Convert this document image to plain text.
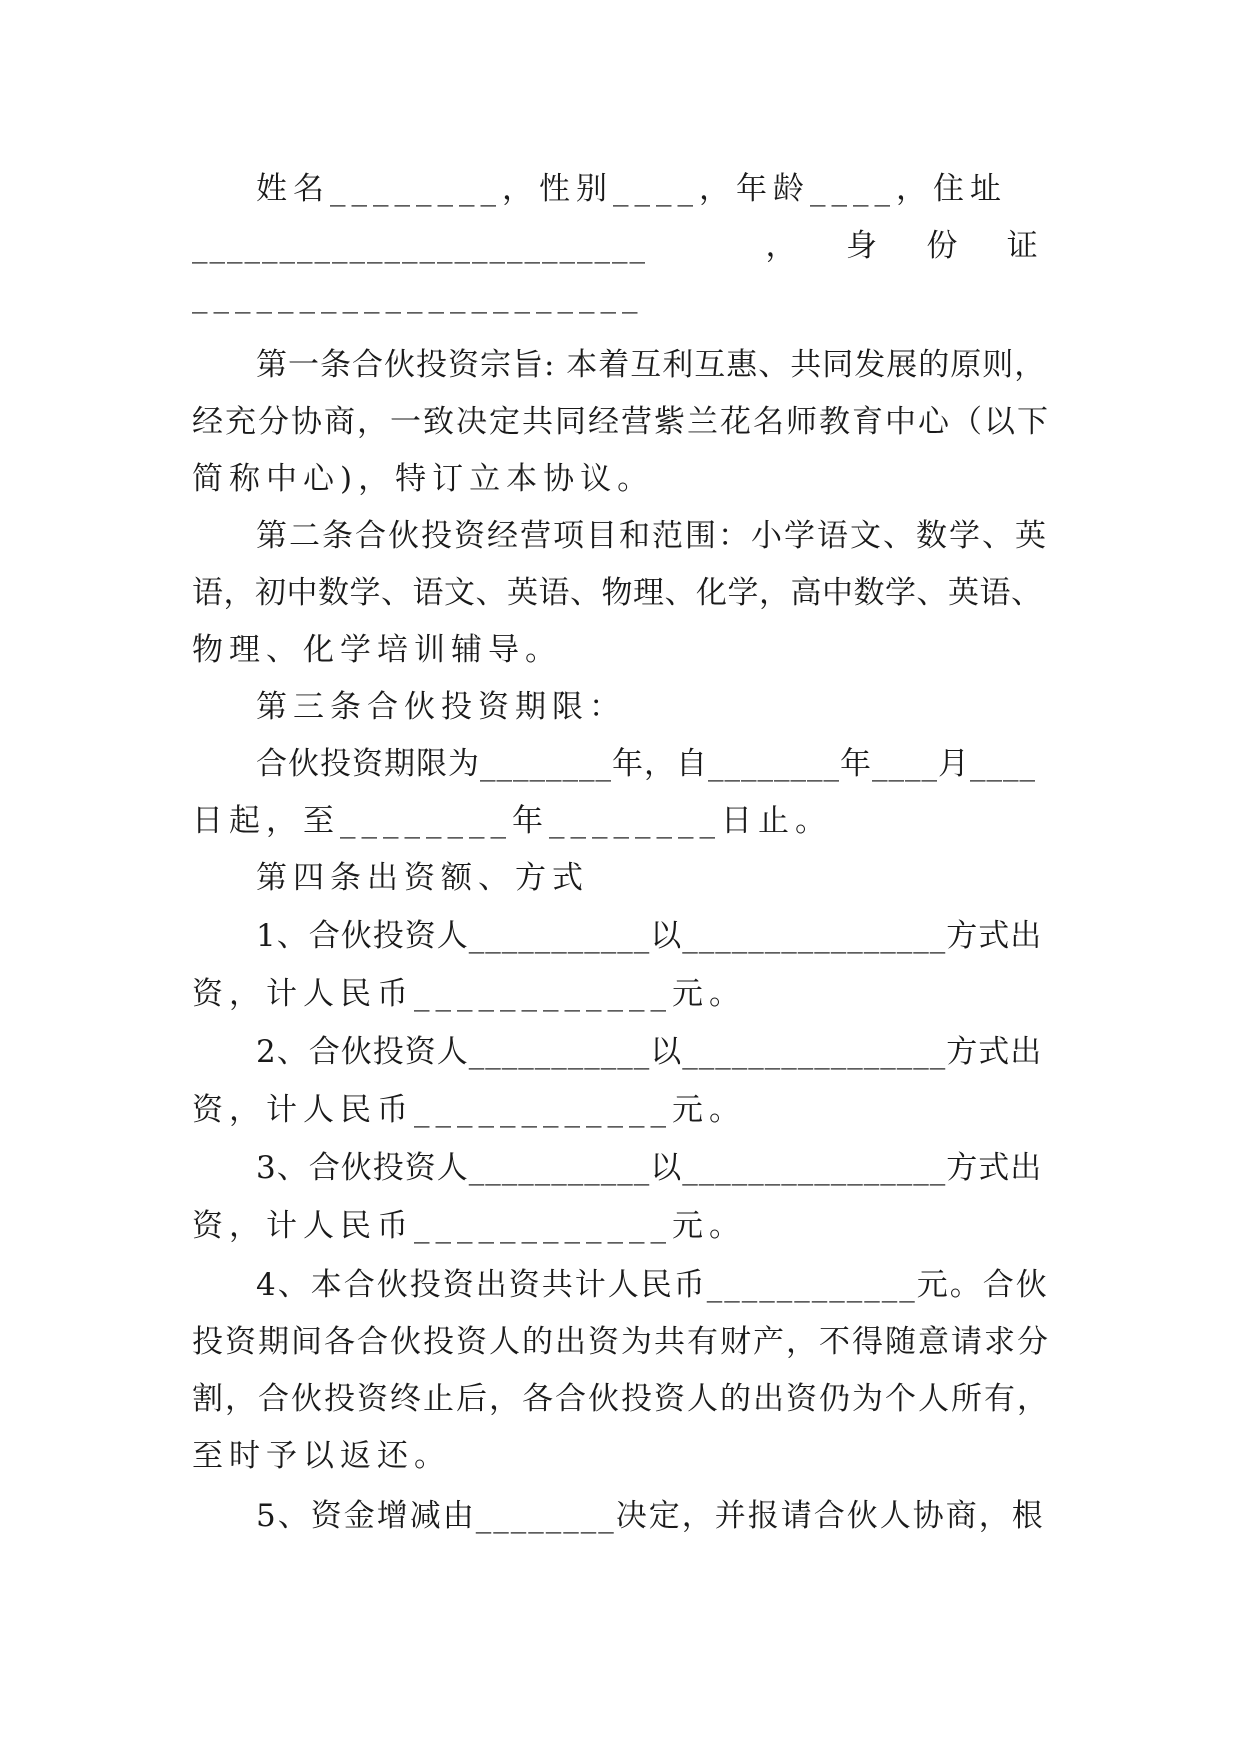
姓名________，性别____，年龄____，住址
__________________________          ，    身    份    证
_____________________
第一条合伙投资宗旨: 本着互利互惠、共同发展的原则，
经充分协商，一致决定共同经营紫兰花名师教育中心（以下
简称中心)，特订立本协议。
第二条合伙投资经营项目和范围：小学语文、数学、英
语，初中数学、语文、英语、物理、化学，高中数学、英语、
物理、化学培训辅导。
第三条合伙投资期限：
合伙投资期限为________年，自________年____月____
日起，至________年________日止。
第四条出资额、方式
1、合伙投资人___________以________________方式出
资，计人民币____________元。
2、合伙投资人___________以________________方式出
资，计人民币____________元。
3、合伙投资人___________以________________方式出
资，计人民币____________元。
4、本合伙投资出资共计人民币____________元。合伙
投资期间各合伙投资人的出资为共有财产，不得随意请求分
割，合伙投资终止后，各合伙投资人的出资仍为个人所有，
至时予以返还。
5、资金增减由________决定，并报请合伙人协商，根
